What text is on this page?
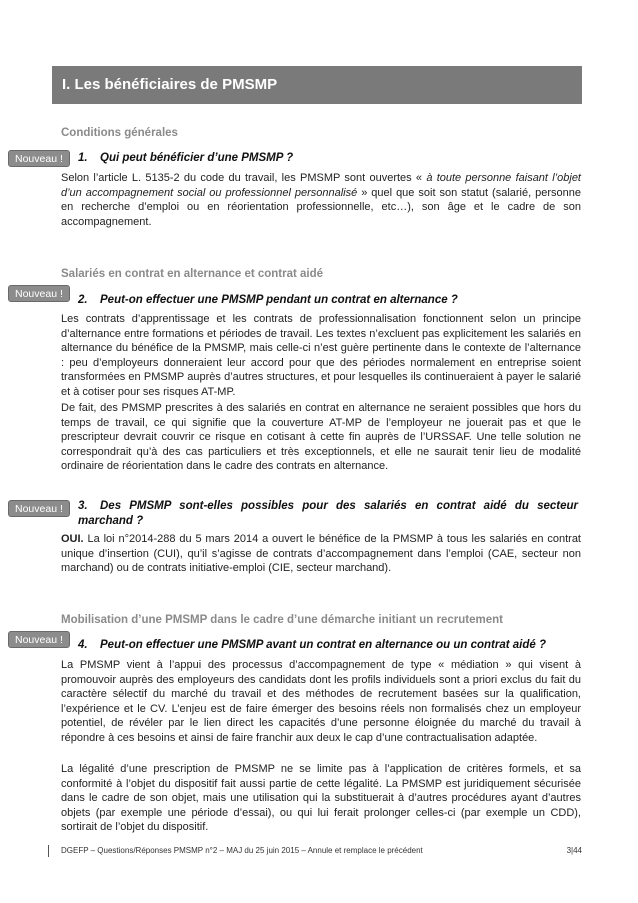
I. Les bénéficiaires de PMSMP
Conditions générales
Nouveau !	1. Qui peut bénéficier d’une PMSMP ?
Selon l’article L. 5135-2 du code du travail, les PMSMP sont ouvertes « à toute personne faisant l’objet d’un accompagnement social ou professionnel personnalisé » quel que soit son statut (salarié, personne en recherche d’emploi ou en réorientation professionnelle, etc…), son âge et le cadre de son accompagnement.
Salariés en contrat en alternance et contrat aidé
Nouveau !	2. Peut-on effectuer une PMSMP pendant un contrat en alternance ?
Les contrats d’apprentissage et les contrats de professionnalisation fonctionnent selon un principe d’alternance entre formations et périodes de travail. Les textes n’excluent pas explicitement les salariés en alternance du bénéfice de la PMSMP, mais celle-ci n’est guère pertinente dans le contexte de l’alternance : peu d’employeurs donneraient leur accord pour que des périodes normalement en entreprise soient transformées en PMSMP auprès d’autres structures, et pour lesquelles ils continueraient à payer le salarié et à cotiser pour ses risques AT-MP.
De fait, des PMSMP prescrites à des salariés en contrat en alternance ne seraient possibles que hors du temps de travail, ce qui signifie que la couverture AT-MP de l’employeur ne jouerait pas et que le prescripteur devrait couvrir ce risque en cotisant à cette fin auprès de l’URSSAF. Une telle solution ne correspondrait qu’à des cas particuliers et très exceptionnels, et elle ne saurait tenir lieu de modalité ordinaire de réorientation dans le cadre des contrats en alternance.
Nouveau !	3. Des PMSMP sont-elles possibles pour des salariés en contrat aidé du secteur marchand ?
OUI. La loi n°2014-288 du 5 mars 2014 a ouvert le bénéfice de la PMSMP à tous les salariés en contrat unique d’insertion (CUI), qu’il s’agisse de contrats d’accompagnement dans l’emploi (CAE, secteur non marchand) ou de contrats initiative-emploi (CIE, secteur marchand).
Mobilisation d’une PMSMP dans le cadre d’une démarche initiant un recrutement
Nouveau !	4. Peut-on effectuer une PMSMP avant un contrat en alternance ou un contrat aidé ?
La PMSMP vient à l’appui des processus d’accompagnement de type « médiation » qui visent à promouvoir auprès des employeurs des candidats dont les profils individuels sont a priori exclus du fait du caractère sélectif du marché du travail et des méthodes de recrutement basées sur la qualification, l’expérience et le CV. L’enjeu est de faire émerger des besoins réels non formalisés chez un employeur potentiel, de révéler par le lien direct les capacités d’une personne éloignée du marché du travail à répondre à ces besoins et ainsi de faire franchir aux deux le cap d’une contractualisation adaptée.
La légalité d’une prescription de PMSMP ne se limite pas à l’application de critères formels, et sa conformité à l’objet du dispositif fait aussi partie de cette légalité. La PMSMP est juridiquement sécurisée dans le cadre de son objet, mais une utilisation qui la substituerait à d’autres procédures ayant d’autres objets (par exemple une période d’essai), ou qui lui ferait prolonger celles-ci (par exemple un CDD), sortirait de l’objet du dispositif.
DGEFP – Questions/Réponses PMSMP n°2 – MAJ du 25 juin 2015 – Annule et remplace le précédent	3|44
